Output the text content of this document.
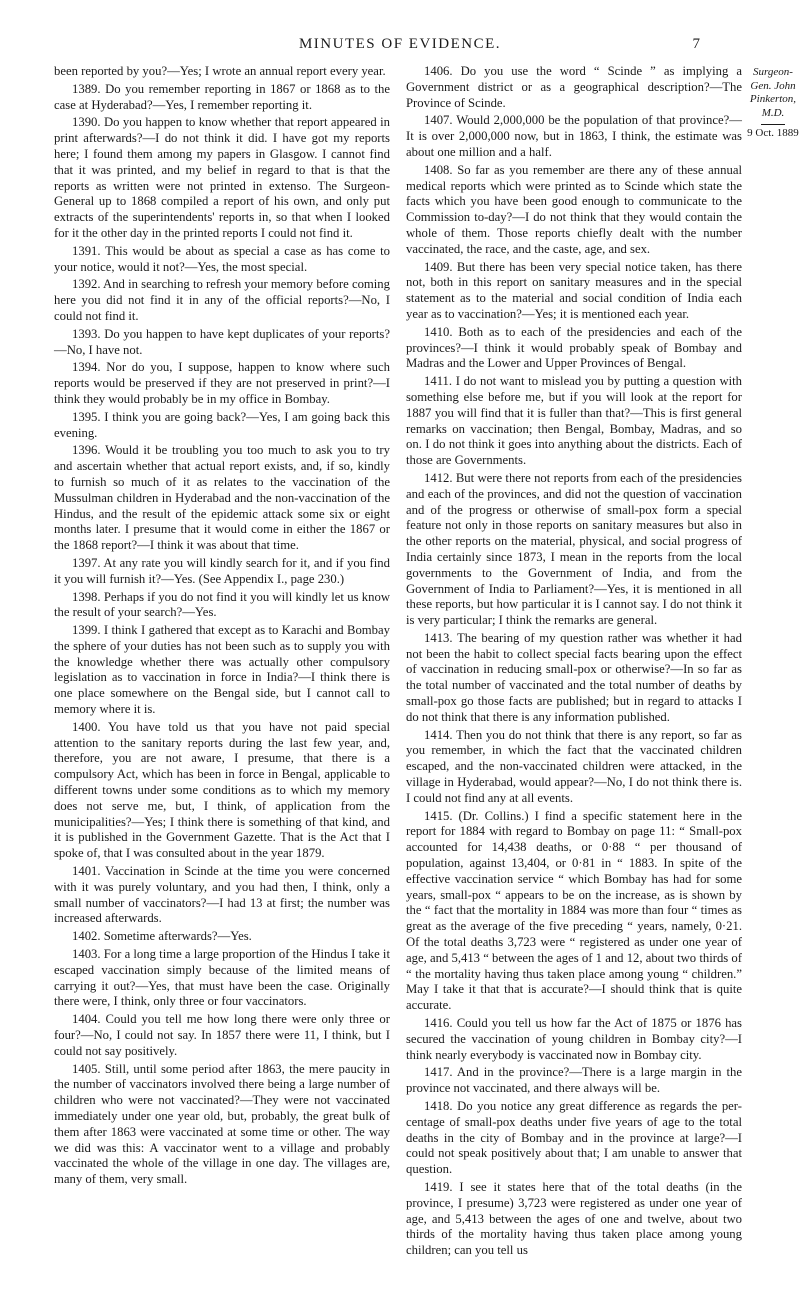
MINUTES OF EVIDENCE.	7

been reported by you?—Yes; I wrote an annual report every year.

1389. Do you remember reporting in 1867 or 1868 as to the case at Hyderabad?—Yes, I remember reporting it.

1390. Do you happen to know whether that report appeared in print afterwards?—I do not think it did. I have got my reports here; I found them among my papers in Glasgow. I cannot find that it was printed, and my belief in regard to that is that the reports as written were not printed in extenso. The Surgeon-General up to 1868 compiled a report of his own, and only put extracts of the superintendents' reports in, so that when I looked for it the other day in the printed reports I could not find it.

1391. This would be about as special a case as has come to your notice, would it not?—Yes, the most special.

1392. And in searching to refresh your memory before coming here you did not find it in any of the official reports?—No, I could not find it.

1393. Do you happen to have kept duplicates of your reports?—No, I have not.

1394. Nor do you, I suppose, happen to know where such reports would be preserved if they are not preserved in print?—I think they would probably be in my office in Bombay.

1395. I think you are going back?—Yes, I am going back this evening.

1396. Would it be troubling you too much to ask you to try and ascertain whether that actual report exists, and, if so, kindly to furnish so much of it as relates to the vaccination of the Mussulman children in Hyderabad and the non-vaccination of the Hindus, and the result of the epidemic attack some six or eight months later. I presume that it would come in either the 1867 or the 1868 report?—I think it was about that time.

1397. At any rate you will kindly search for it, and if you find it you will furnish it?—Yes. (See Appendix I., page 230.)

1398. Perhaps if you do not find it you will kindly let us know the result of your search?—Yes.

1399. I think I gathered that except as to Karachi and Bombay the sphere of your duties has not been such as to supply you with the knowledge whether there was actually other compulsory legislation as to vaccination in force in India?—I think there is one place somewhere on the Bengal side, but I cannot call to memory where it is.

1400. You have told us that you have not paid special attention to the sanitary reports during the last few year, and, therefore, you are not aware, I presume, that there is a compulsory Act, which has been in force in Bengal, applicable to different towns under some conditions as to which my memory does not serve me, but, I think, of application from the municipalities?—Yes; I think there is something of that kind, and it is published in the Government Gazette. That is the Act that I spoke of, that I was consulted about in the year 1879.

1401. Vaccination in Scinde at the time you were concerned with it was purely voluntary, and you had then, I think, only a small number of vaccinators?—I had 13 at first; the number was increased afterwards.

1402. Sometime afterwards?—Yes.

1403. For a long time a large proportion of the Hindus I take it escaped vaccination simply because of the limited means of carrying it out?—Yes, that must have been the case. Originally there were, I think, only three or four vaccinators.

1404. Could you tell me how long there were only three or four?—No, I could not say. In 1857 there were 11, I think, but I could not say positively.

1405. Still, until some period after 1863, the mere paucity in the number of vaccinators involved there being a large number of children who were not vaccinated?—They were not vaccinated immediately under one year old, but, probably, the great bulk of them after 1863 were vaccinated at some time or other. The way we did was this: A vaccinator went to a village and probably vaccinated the whole of the village in one day. The villages are, many of them, very small.

1406. Do you use the word “ Scinde ” as implying a Government district or as a geographical description?—The Province of Scinde.

1407. Would 2,000,000 be the population of that province?—It is over 2,000,000 now, but in 1863, I think, the estimate was about one million and a half.

1408. So far as you remember are there any of these annual medical reports which were printed as to Scinde which state the facts which you have been good enough to communicate to the Commission to-day?—I do not think that they would contain the whole of them. Those reports chiefly dealt with the number vaccinated, the race, and the caste, age, and sex.

1409. But there has been very special notice taken, has there not, both in this report on sanitary measures and in the special statement as to the material and social condition of India each year as to vaccination?—Yes; it is mentioned each year.

1410. Both as to each of the presidencies and each of the provinces?—I think it would probably speak of Bombay and Madras and the Lower and Upper Provinces of Bengal.

1411. I do not want to mislead you by putting a question with something else before me, but if you will look at the report for 1887 you will find that it is fuller than that?—This is first general remarks on vaccination; then Bengal, Bombay, Madras, and so on. I do not think it goes into anything about the districts. Each of those are Governments.

1412. But were there not reports from each of the presidencies and each of the provinces, and did not the question of vaccination and of the progress or otherwise of small-pox form a special feature not only in those reports on sanitary measures but also in the other reports on the material, physical, and social progress of India certainly since 1873, I mean in the reports from the local governments to the Government of India, and from the Government of India to Parliament?—Yes, it is mentioned in all these reports, but how particular it is I cannot say. I do not think it is very particular; I think the remarks are general.

1413. The bearing of my question rather was whether it had not been the habit to collect special facts bearing upon the effect of vaccination in reducing small-pox or otherwise?—In so far as the total number of vaccinated and the total number of deaths by small-pox go those facts are published; but in regard to attacks I do not think that there is any information published.

1414. Then you do not think that there is any report, so far as you remember, in which the fact that the vaccinated children escaped, and the non-vaccinated children were attacked, in the village in Hyderabad, would appear?—No, I do not think there is. I could not find any at all events.

1415. (Dr. Collins.) I find a specific statement here in the report for 1884 with regard to Bombay on page 11: “ Small-pox accounted for 14,438 deaths, or 0·88 “ per thousand of population, against 13,404, or 0·81 in “ 1883. In spite of the effective vaccination service “ which Bombay has had for some years, small-pox “ appears to be on the increase, as is shown by the “ fact that the mortality in 1884 was more than four “ times as great as the average of the five preceding “ years, namely, 0·21. Of the total deaths 3,723 were “ registered as under one year of age, and 5,413 “ between the ages of 1 and 12, about two thirds of “ the mortality having thus taken place among young “ children.” May I take it that that is accurate?—I should think that is quite accurate.

1416. Could you tell us how far the Act of 1875 or 1876 has secured the vaccination of young children in Bombay city?—I think nearly everybody is vaccinated now in Bombay city.

1417. And in the province?—There is a large margin in the province not vaccinated, and there always will be.

1418. Do you notice any great difference as regards the per-centage of small-pox deaths under five years of age to the total deaths in the city of Bombay and in the province at large?—I could not speak positively about that; I am unable to answer that question.

1419. I see it states here that of the total deaths (in the province, I presume) 3,723 were registered as under one year of age, and 5,413 between the ages of one and twelve, about two thirds of the mortality having thus taken place among young children; can you tell us

Surgeon-Gen. John Pinkerton, M.D.
9 Oct. 1889
